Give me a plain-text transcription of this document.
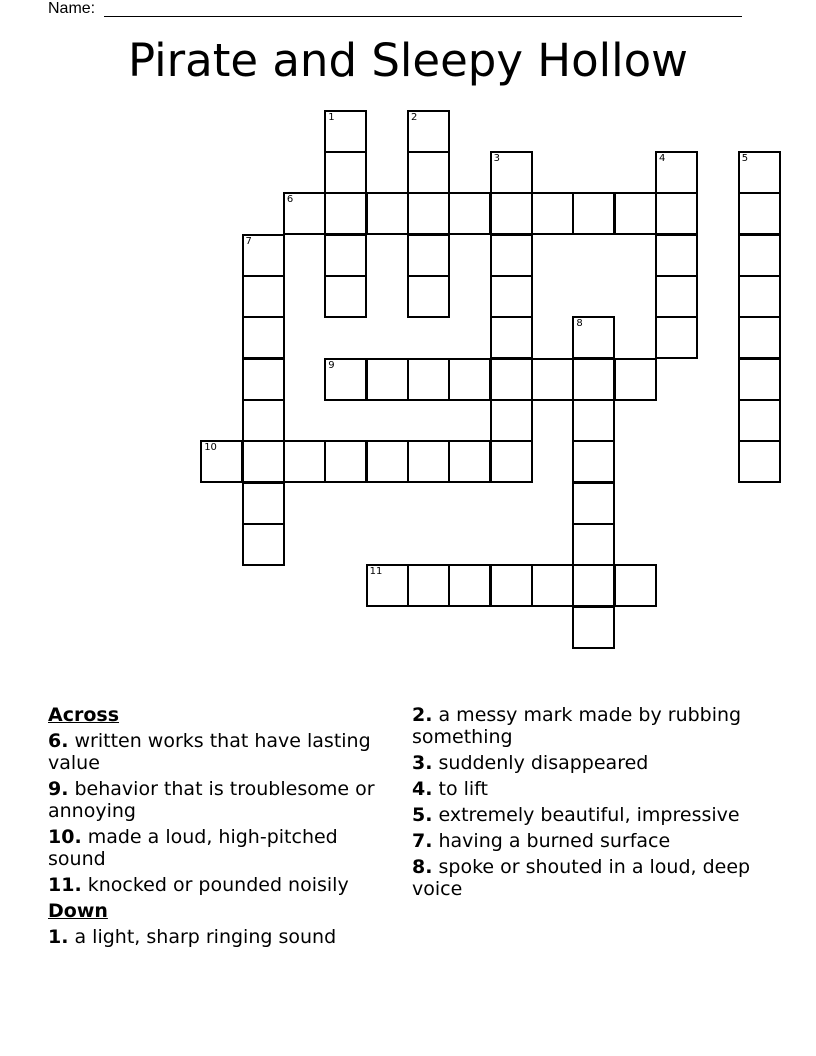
Name:
Pirate and Sleepy Hollow
1	2
3	4	5
6
7
8
9
10
11
Across
6. written works that have lasting value
9. behavior that is troublesome or annoying
10. made a loud, high-pitched sound
11. knocked or pounded noisily
Down
1. a light, sharp ringing sound
2. a messy mark made by rubbing something
3. suddenly disappeared
4. to lift
5. extremely beautiful, impressive
7. having a burned surface
8. spoke or shouted in a loud, deep voice
